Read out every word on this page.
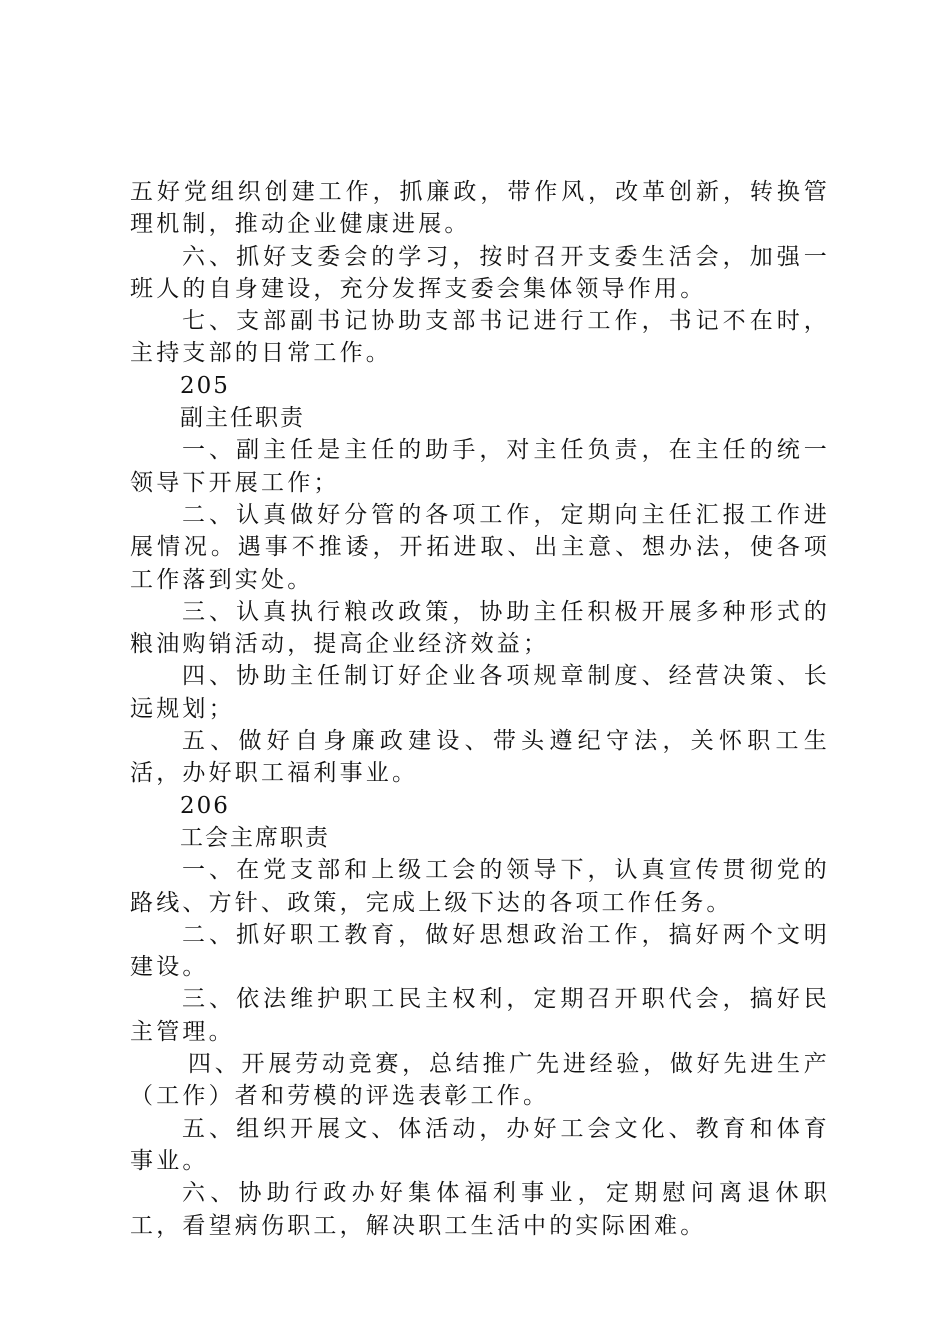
五好党组织创建工作，抓廉政，带作风，改革创新，转换管理机制，推动企业健康进展。

六、抓好支委会的学习，按时召开支委生活会，加强一班人的自身建设，充分发挥支委会集体领导作用。

七、支部副书记协助支部书记进行工作，书记不在时，主持支部的日常工作。

205

副主任职责

一、副主任是主任的助手，对主任负责，在主任的统一领导下开展工作；

二、认真做好分管的各项工作，定期向主任汇报工作进展情况。遇事不推诿，开拓进取、出主意、想办法，使各项工作落到实处。

三、认真执行粮改政策，协助主任积极开展多种形式的粮油购销活动，提高企业经济效益；

四、协助主任制订好企业各项规章制度、经营决策、长远规划；

五、做好自身廉政建设、带头遵纪守法，关怀职工生活，办好职工福利事业。

206

工会主席职责

一、在党支部和上级工会的领导下，认真宣传贯彻党的路线、方针、政策，完成上级下达的各项工作任务。

二、抓好职工教育，做好思想政治工作，搞好两个文明建设。

三、依法维护职工民主权利，定期召开职代会，搞好民主管理。

四、开展劳动竞赛，总结推广先进经验，做好先进生产（工作）者和劳模的评选表彰工作。

五、组织开展文、体活动，办好工会文化、教育和体育事业。

六、协助行政办好集体福利事业，定期慰问离退休职工，看望病伤职工，解决职工生活中的实际困难。
